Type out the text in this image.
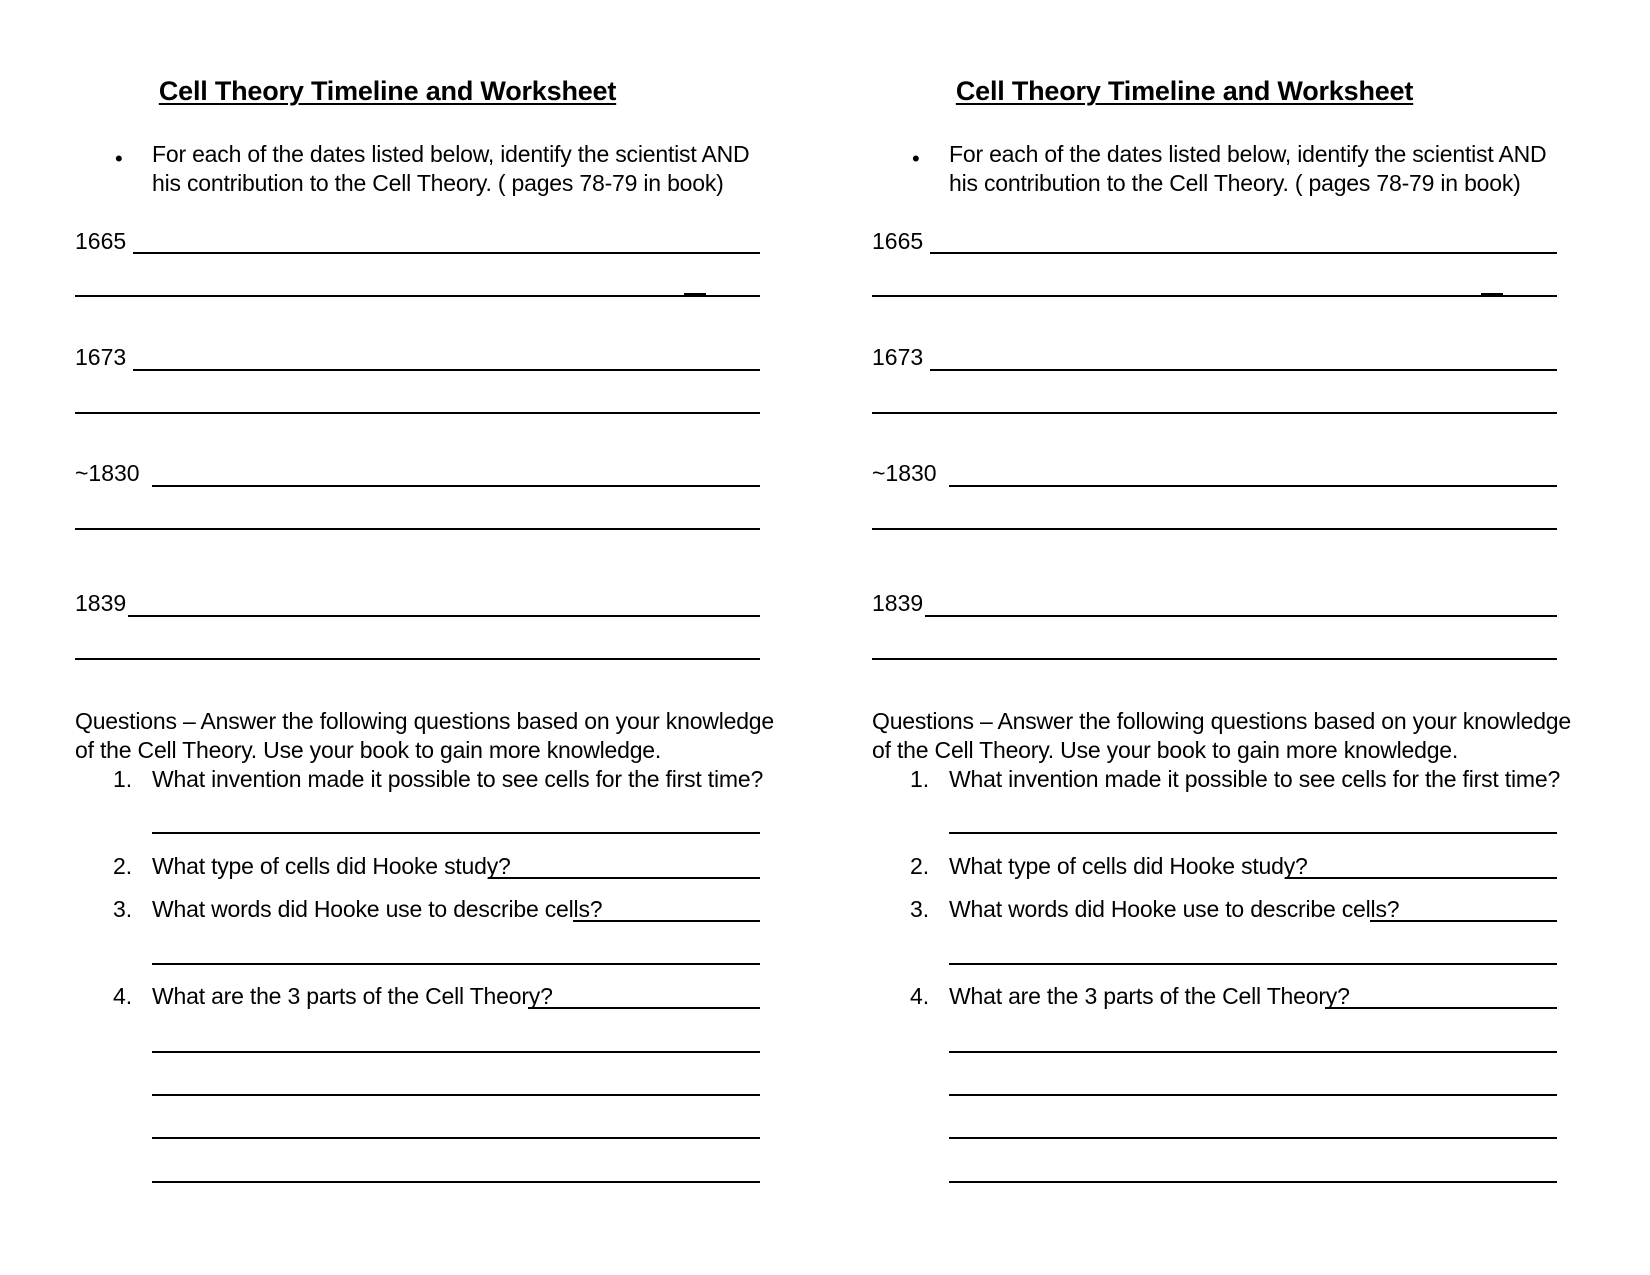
Cell Theory Timeline and Worksheet
• For each of the dates listed below, identify the scientist AND his contribution to the Cell Theory. ( pages 78-79 in book)
1665
1673
~1830
1839
Questions – Answer the following questions based on your knowledge of the Cell Theory. Use your book to gain more knowledge.
1. What invention made it possible to see cells for the first time?
2. What type of cells did Hooke study?
3. What words did Hooke use to describe cells?
4. What are the 3 parts of the Cell Theory?
Cell Theory Timeline and Worksheet
• For each of the dates listed below, identify the scientist AND his contribution to the Cell Theory. ( pages 78-79 in book)
1665
1673
~1830
1839
Questions – Answer the following questions based on your knowledge of the Cell Theory. Use your book to gain more knowledge.
1. What invention made it possible to see cells for the first time?
2. What type of cells did Hooke study?
3. What words did Hooke use to describe cells?
4. What are the 3 parts of the Cell Theory?
